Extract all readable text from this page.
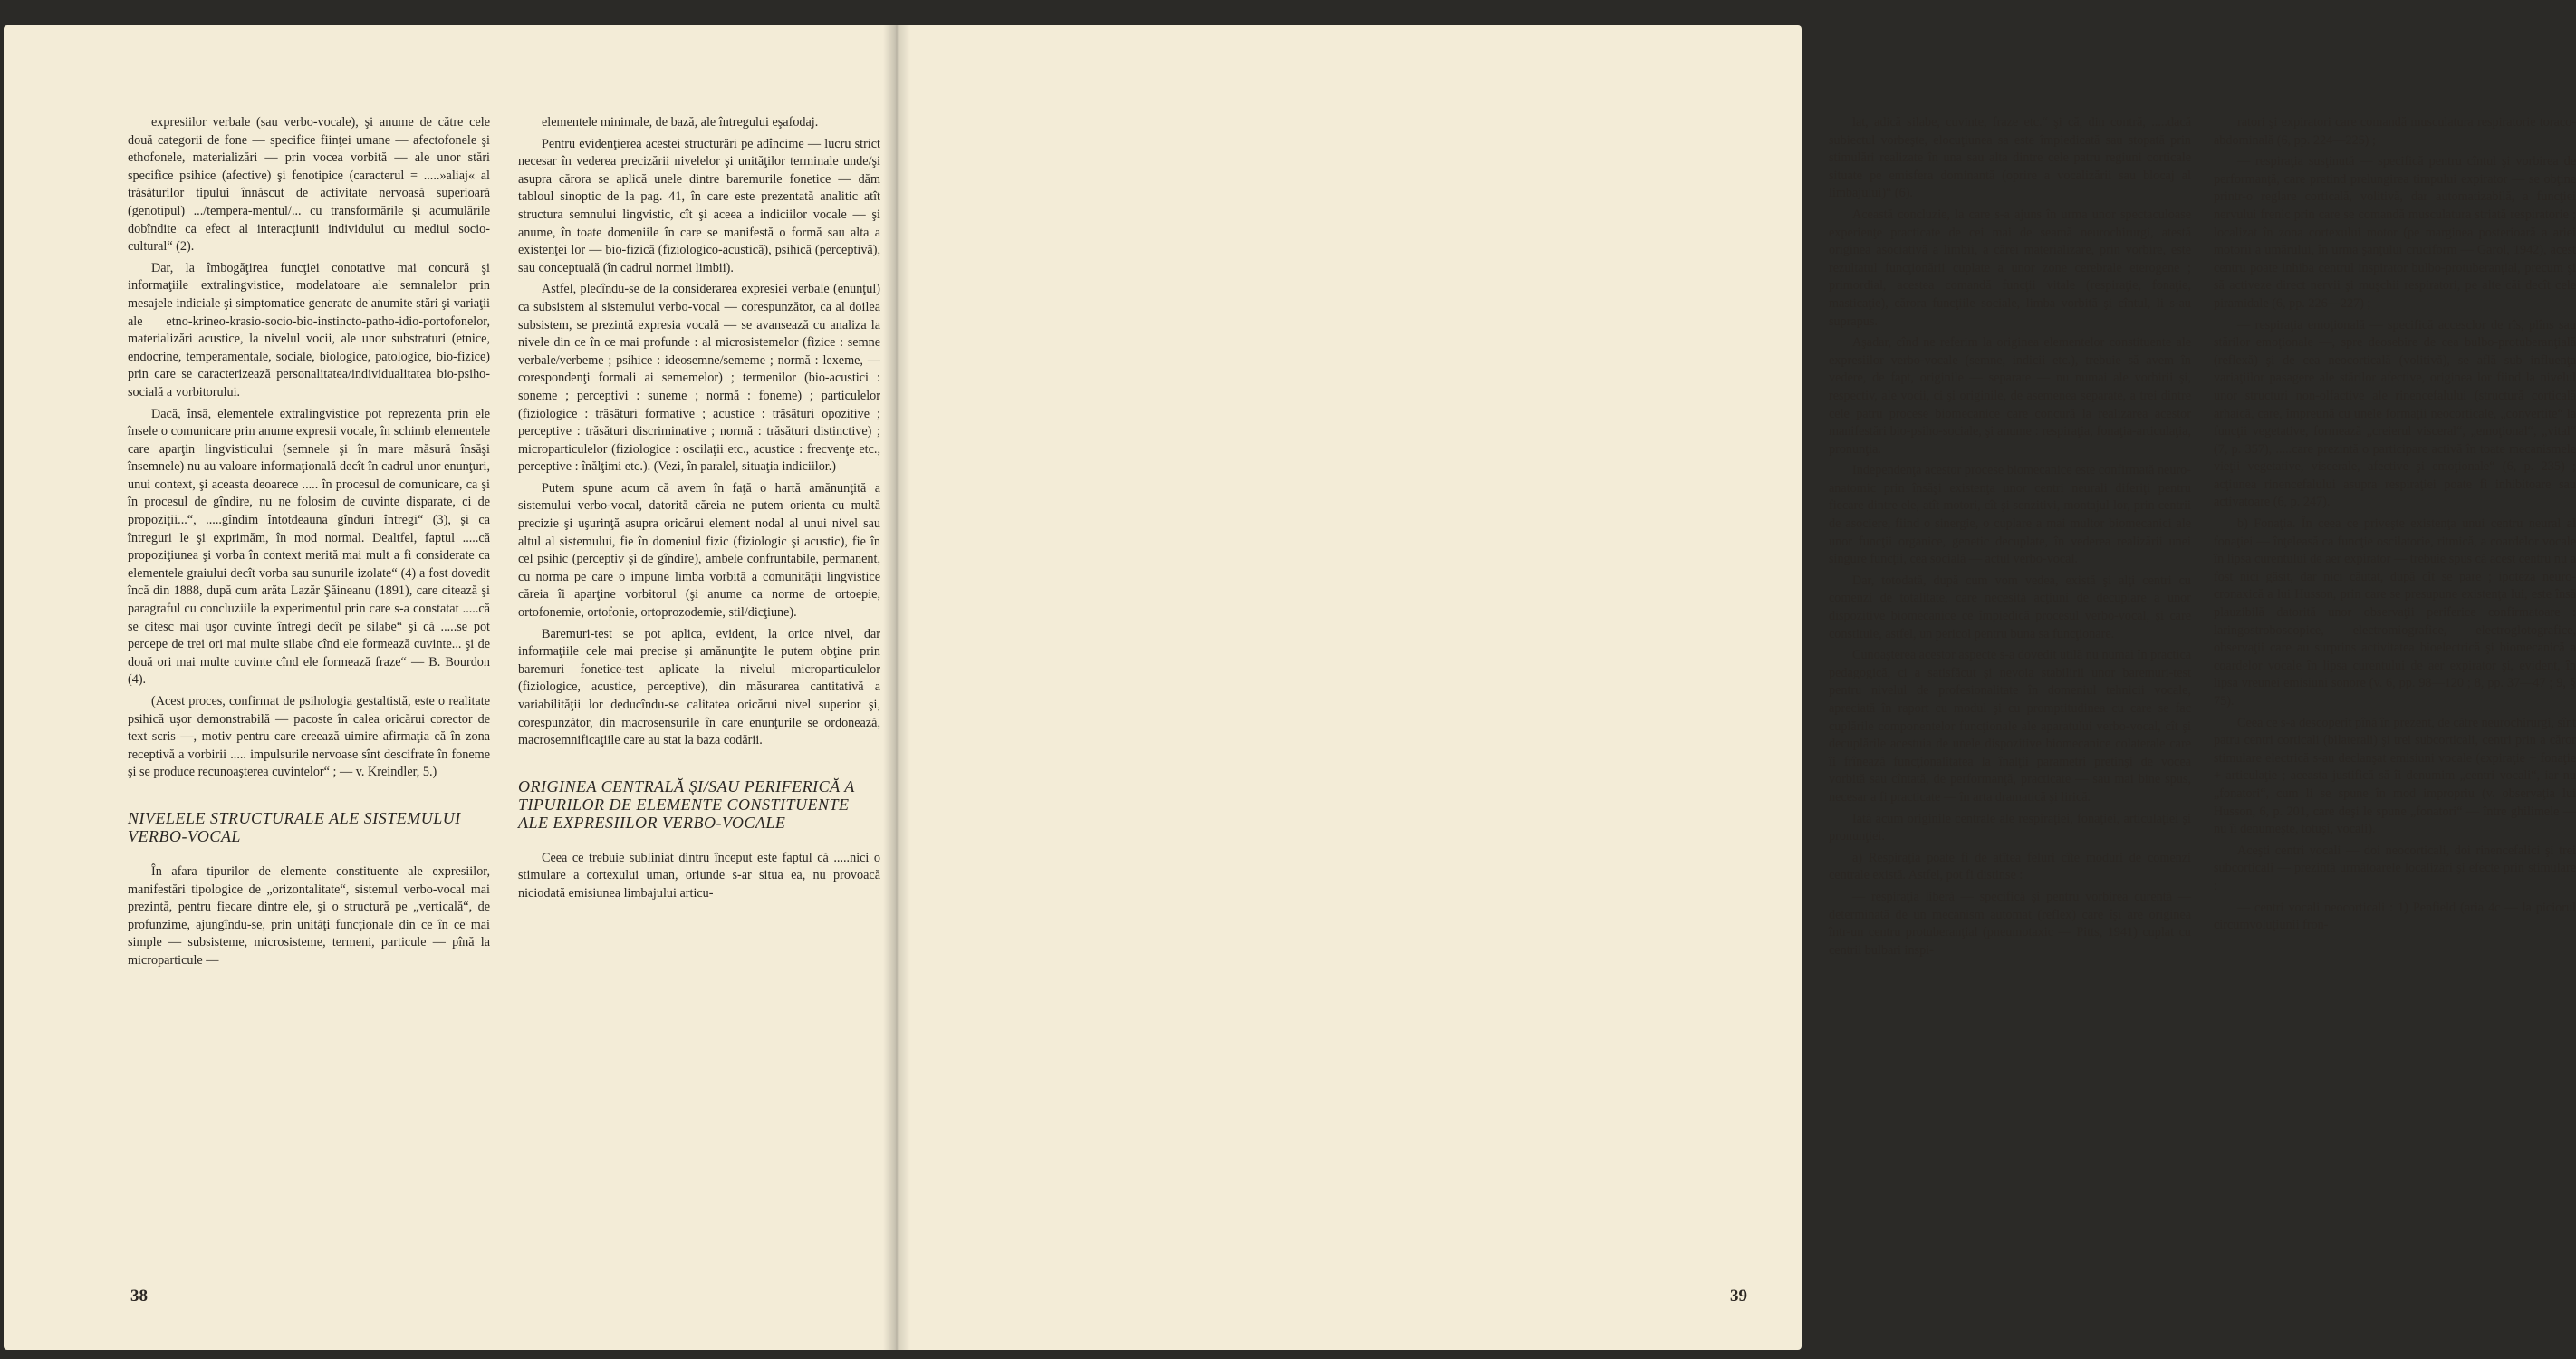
expresiilor verbale (sau verbo-vocale), şi anume de către cele două categorii de fone — specifice fiinţei umane — afectofonele şi ethofonele, materializări — prin vocea vorbită — ale unor stări specifice psihice (afective) şi fenotipice (caracterul = .....»aliaj« al trăsăturilor tipului înnăscut de activitate nervoasă superioară (genotipul) .../tempera-mentul/... cu transformările şi acumulările dobîndite ca efect al interacţiunii individului cu mediul socio-cultural“ (2).

Dar, la îmbogăţirea funcţiei conotative mai concură şi informaţiile extralingvistice, modelatoare ale semnalelor prin mesajele indiciale şi simptomatice generate de anumite stări şi variaţii ale etno-krineo-krasio-socio-bio-instincto-patho-idio-portofonelor, materializări acustice, la nivelul vocii, ale unor substraturi (etnice, endocrine, temperamentale, sociale, biologice, patologice, bio-fizice) prin care se caracterizează personalitatea/individualitatea bio-psiho-socială a vorbitorului.

Dacă, însă, elementele extralingvistice pot reprezenta prin ele însele o comunicare prin anume expresii vocale, în schimb elementele care aparţin lingvisticului (semnele şi în mare măsură însăşi însemnele) nu au valoare informaţională decît în cadrul unor enunţuri, unui context, şi aceasta deoarece ..... în procesul de comunicare, ca şi în procesul de gîndire, nu ne folosim de cuvinte disparate, ci de propoziţii...“, .....gîndim întotdeauna gînduri întregi“ (3), şi ca întreguri le şi exprimăm, în mod normal. Dealtfel, faptul .....că propoziţiunea şi vorba în context merită mai mult a fi considerate ca elementele graiului decît vorba sau sunurile izolate“ (4) a fost dovedit încă din 1888, după cum arăta Lazăr Şăineanu (1891), care citează şi paragraful cu concluziile la experimentul prin care s-a constatat .....că se citesc mai uşor cuvinte întregi decît pe silabe“ şi că .....se pot percepe de trei ori mai multe silabe cînd ele formează cuvinte... şi de două ori mai multe cuvinte cînd ele formează fraze“ — B. Bourdon (4).

(Acest proces, confirmat de psihologia gestaltistă, este o realitate psihică uşor demonstrabilă — pacoste în calea oricărui corector de text scris —, motiv pentru care creează uimire afirmaţia că în zona receptivă a vorbirii ..... impulsurile nervoase sînt descifrate în foneme şi se produce recunoaşterea cuvintelor“ ; — v. Kreindler, 5.)

NIVELELE STRUCTURALE ALE SISTEMULUI VERBO-VOCAL

În afara tipurilor de elemente constituente ale expresiilor, manifestări tipologice de „orizontalitate“, sistemul verbo-vocal mai prezintă, pentru fiecare dintre ele, şi o structură pe „verticală“, de profunzime, ajungîndu-se, prin unităţi funcţionale din ce în ce mai simple — subsisteme, microsisteme, termeni, particule — pînă la microparticule —

elementele minimale, de bază, ale întregului eşafodaj.

Pentru evidenţierea acestei structurări pe adîncime — lucru strict necesar în vederea precizării nivelelor şi unităţilor terminale unde/şi asupra cărora se aplică unele dintre baremurile fonetice — dăm tabloul sinoptic de la pag. 41, în care este prezentată analitic atît structura semnului lingvistic, cît şi aceea a indiciilor vocale — şi anume, în toate domeniile în care se manifestă o formă sau alta a existenţei lor — bio-fizică (fiziologico-acustică), psihică (perceptivă), sau conceptuală (în cadrul normei limbii).

Astfel, plecîndu-se de la considerarea expresiei verbale (enunţul) ca subsistem al sistemului verbo-vocal — corespunzător, ca al doilea subsistem, se prezintă expresia vocală — se avansează cu analiza la nivele din ce în ce mai profunde : al microsistemelor (fizice : semne verbale/verbeme ; psihice : ideosemne/sememe ; normă : lexeme, — corespondenţi formali ai sememelor) ; termenilor (bio-acustici : soneme ; perceptivi : suneme ; normă : foneme) ; particulelor (fiziologice : trăsături formative ; acustice : trăsături opozitive ; perceptive : trăsături discriminative ; normă : trăsături distinctive) ; microparticulelor (fiziologice : oscilaţii etc., acustice : frecvenţe etc., perceptive : înălţimi etc.). (Vezi, în paralel, situaţia indiciilor.)

Putem spune acum că avem în faţă o hartă amănunţită a sistemului verbo-vocal, datorită căreia ne putem orienta cu multă precizie şi uşurinţă asupra oricărui element nodal al unui nivel sau altul al sistemului, fie în domeniul fizic (fiziologic şi acustic), fie în cel psihic (perceptiv şi de gîndire), ambele confruntabile, permanent, cu norma pe care o impune limba vorbită a comunităţii lingvistice căreia îi aparţine vorbitorul (şi anume ca norme de ortoepie, ortofonemie, ortofonie, ortoprozodemie, stil/dicţiune).

Baremuri-test se pot aplica, evident, la orice nivel, dar informaţiile cele mai precise şi amănunţite le putem obţine prin baremuri fonetice-test aplicate la nivelul microparticulelor (fiziologice, acustice, perceptive), din măsurarea cantitativă a variabilităţii lor deducîndu-se calitatea oricărui nivel superior şi, corespunzător, din macrosensurile în care enunţurile se ordonează, macrosemnificaţiile care au stat la baza codării.

ORIGINEA CENTRALĂ ŞI/SAU PERIFERICĂ A TIPURILOR DE ELEMENTE CONSTITUENTE ALE EXPRESIILOR VERBO-VOCALE

Ceea ce trebuie subliniat dintru început este faptul că .....nici o stimulare a cortexului uman, oriunde s-ar situa ea, nu provoacă niciodată emisiunea limbajului articu-

38

lat, adică silabe, cuvinte, fraze etc.“ şi că, din contră, .....dacă subiectul vorbeşte, elocuţiunea sa este împiedicată sau stopată prin stimulări realizate în una sau alta dintre cele patru regiuni corticale situate pe emisfera dominantă (oprire a vocalizării sau blocaj al limbajului)“ (6).

Această concluzie, la care s-a ajuns în urma unor spectaculoase experienţe practicate de cei mai de seamă neurochirurgi, atestă originea asociativă a limbii, a cărei materializare, prin vorbire, este rezultatul funcţionării cuplate a unor zone cerebrale eterogene ; primordial, acestea comandă funcţii vitale (respiraţie, fonaţie, masticaţie), cărora funcţiile sociale, limba vorbită şi cîntul, li s-au suprapus.

Aşadar, cînd ne referim la originea elementelor constituente ale expresiilor verbo-vocale (semne, indicii etc.), trebuie să avem în vedere, de fapt, originile — separate — nu numai ale vorbirii şi, respectiv, ale vocii, ci şi originile, de asemenea separate, a trei dintre cele patru procese biomecanice care concură la realizarea acestor manifestări bio-psiho-sociale, şi anume : respiraţia, fonaţia-articulaţia, pronunţia.

Independenţa acestor procese biomecanice este confirmată neuro-anatomic prin însăşi existenţa unor centri neurali diferiţi pentru fiecare dintre ele, atît motori, cît şi senzitivi, montajul lor, prin centrii de asociere, fiind o sinergie, o cuplare a mai multor biomecanici ale unor funcţii organice, genetic decuplate, în vederea realizării unei singure funcţii, cea socială — actul verbo-vocal.

Dar, totodată, după cum vom vedea, există şi alţi centri cu comenzi de totalitate, care necesită acţiuni de decuplare a unor dispozitive biomecanice ce împiedică procesul verbo-vocal, şi care constituie, astfel, un pericol pentru buna sa funcţionare.

Cunoaşterea acestor aspecte s-a dovedit utilă nu numai în practica pedagogică, ci a satisfăcut şi nevoia stabilirii unor baremuri-test pentru nivelul de profesionalitate în domeniul tehnicii vocale, apreciată în raport cu modul şi cu promptitudinea cu care se fac cuplările componentelor funcţionale ale aparatului verbo-vocal, cît şi decuplările acestuia de unele dispozitive biomecanice colaterale care îi frînează funcţionalitatea la înalţii parametri pretinşi de vocea vorbită sau cîntată, de performanţă, practicate — sau mai bine spus, necesar a fi practicate — în arta dramatică şi lirică.

Iată acum originile centrale ale respiraţiei, fonaţiei, articulaţiei şi pronunţiei.

a) Respiraţia poate fi de atîtea feluri cîte moduri de comenzi centrale există. Astfel, pot fi distinse :

— respiraţia liberă — specifică şi pentru vorbirea curentă — determinată de un mecanism automat (reflex) care îşi are originea într-un centru protuberanţial (pneumotaxic — Pitts, 1941) cuplat cu centrii bulbari inspi-

ratori şi expiratori care comandă musculatura respiratorie toraco-abdominală (6, pp. 224—225) ;

— respiraţia susţinută — specifică pentru cîntul şi vorbirea de performanţă, care pretind prelungirea timpului expirator — se obţine printr-o reglare corticală, volitivă, dar automatizabilă, a funcţiei nervului frenic prin care se comandă musculatura striată respiratorie ; localizat în zona cortexului motor (pe marginea posterioară a ariei motorii a umărului, în urma şanţului cruciform — Garol, 1942), acest centru poate inhiba centrul inspirator bulbo-protuberanţial, precum şi să activeze direct nervii şi muşchii respiratori, pe alte căi decît cele piramidale (6, pp. 226—227) ;

— respiraţia emoţională — specifică accesclor de rîs, plîns sau stărilor emoţionale —, spre deosebire de cea bulbo-protuberanţială (reflexă) şi de cea neocorticală (volitivă), se află sub influenţa variaţiilor pasagere ale stărilor afective, originea lor fiind la nivelul unor structuri non-olfactive ale rinencefalului (structură corticală arhaică, care, împreună cu unele formaţii neocorticale, „convertite“ la funcţii vegetative, formează „creierul visceral“, „emoţional“, „vital“ (7, p. 357), .....care prezintă o participare activă în toate mecanismele vieţii vegetative, viscerale, afective şi emoţionale“ (6, p. 235) ; acţiunea rinencefalului asupra respiraţiei poate fi inhibitoare sau activatoare (6, p. 247).

b) Fonaţia. În ceea ce priveşte existenţa unui centru neural al fonaţiei — înţeleasă ca funcţie oscilatorie, ritmică, a coardelor vocale în lipsa curentului de aer expirator — trebuie spus că acest centru nu a fost nici găsit, dar nici căutat, după cît se pare ; ipoteza neuro-cronaxică a lui Husson, prin care se presupune existenţa lui, este însă plauzibilă datorită unor observaţii periferice confirmatoare : laringostroboscopice, electromiografice, electroglotografice, observaţii care au surprins activitatea bioelectrică şi biomecanică a coardelor vocale în lipsa curentului de aer expirator şi, evident, în lipsa vreunei emisiuni sonore (v. 6, pp. 98—120 ; 8, pp. 37—47 ; 9, § 75).

Ceea ce s-a descoperit pînă în prezent, de către neurochirurgi, sînt patru centri corticali (bilaterali) şi trei subcorticali, centri prin a căror stimulare electrică s-au declanşat emisiuni vocale (expiraţie + fonaţie + articulaţie ; aceasta justifică să îi denumim „centri vocali“, iar nu „fonatori“, cum li se spune în mod impropriu (v. observaţia lui Husson, 6, p. 201, care deşi le spune „fonatori“ — între ghilimele — nu îi denumeşte, totuşi, vocali).

Aceşti centri vocali — doi neocorticali, doi rinencefalici şi trei subcorticali — prezintă următoarele localizări şi efecte prin stimulare :

— centri vocali neocorticali : 1) Penfield (aria 4c — la piciorul circumvoluţiunii fron-

39
